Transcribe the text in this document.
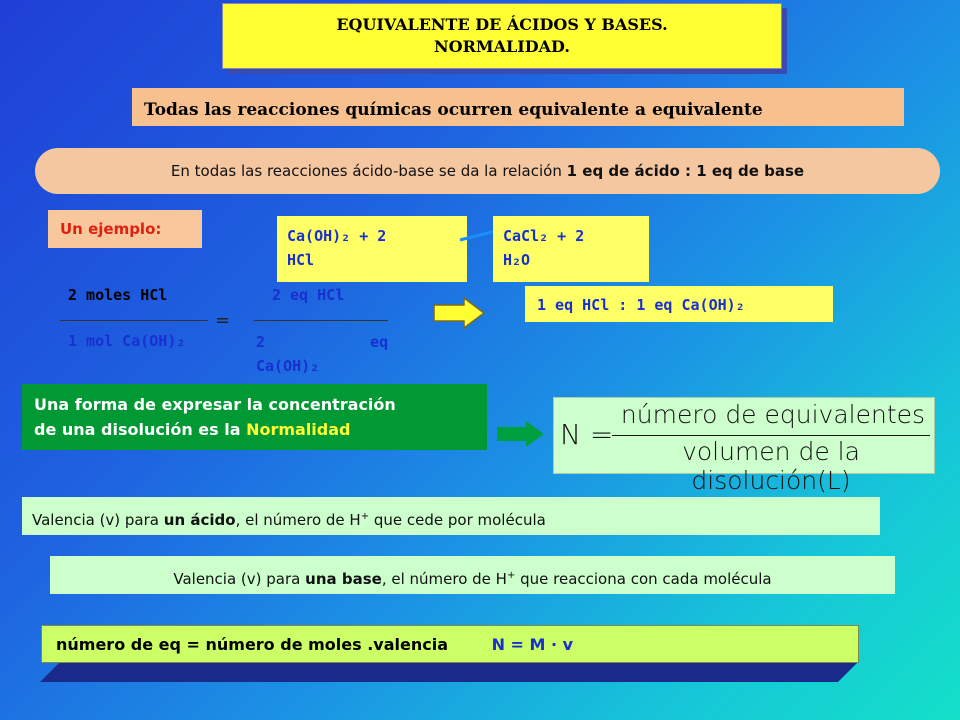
EQUIVALENTE DE ÁCIDOS Y BASES.
NORMALIDAD.
Todas las reacciones químicas ocurren equivalente a equivalente
En todas las reacciones ácido-base se da la relación 1 eq de ácido : 1 eq de base
Un ejemplo:	Ca(OH)₂ + 2
HCl
CaCl₂ + 2
H₂O
2 moles HCl
1 mol Ca(OH)₂
=
2 eq HCl
2	eq
Ca(OH)₂
1 eq HCl : 1 eq Ca(OH)₂
Una forma de expresar la concentración
de una disolución es la Normalidad	N =
número de equivalentes
volumen de la disolución(L)
Valencia (v) para un ácido, el número de H+ que cede por molécula
Valencia (v) para una base, el número de H+ que reacciona con cada molécula
número de eq = número de moles .valencia	N = M · v
